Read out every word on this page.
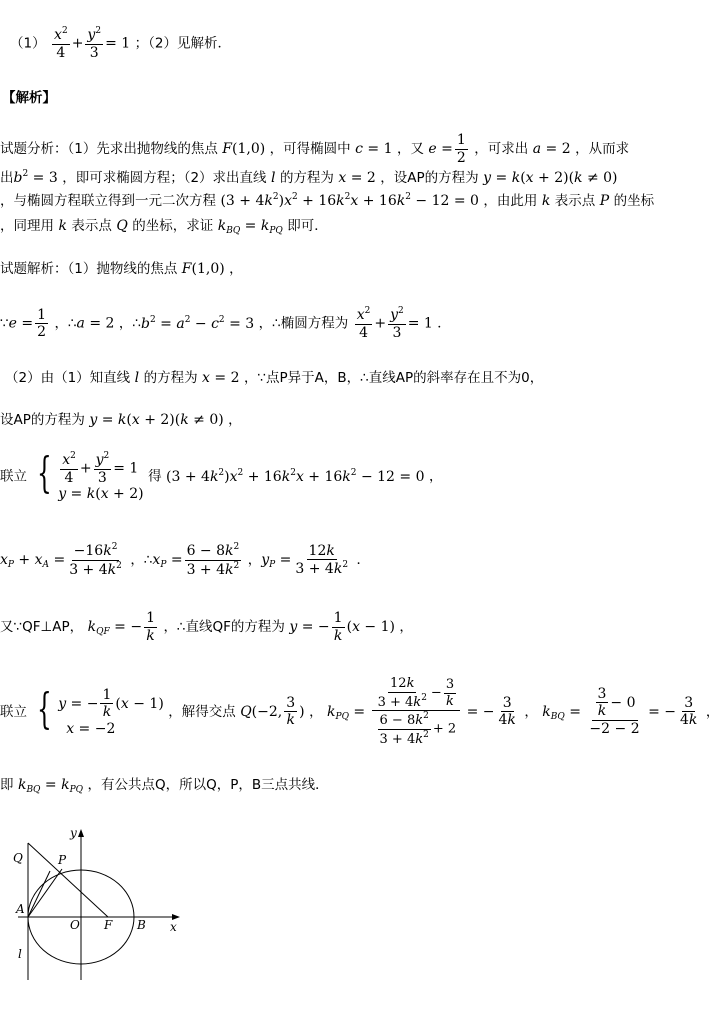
$(1) \frac{x^2}{4} + \frac{y^2}{3} = 1$ ；（2）见解析．
【解析】
试题分析：（1）先求出抛物线的焦点 F(1,0) ，可得椭圆中 c = 1 ，又 $e = \frac{1}{2}$ ，可求出 a = 2 ，从而求
出$b^2 = 3$ ，即可求椭圆方程；（2）求出直线 l 的方程为 x = 2 ，设AP的方程为 y = k(x + 2)(k ≠ 0)
，与椭圆方程联立得到一元二次方程 $(3 + 4k^2)x^2 + 16k^2x + 16k^2 - 12 = 0$ ，由此用 k 表示点 P 的坐标
，同理用 k 表示点 Q 的坐标，求证 $k_{BQ} = k_{PQ}$ 即可．
试题解析：（1）抛物线的焦点 F(1,0) ，
∵e = $\frac{1}{2}$ ，∴a = 2 ，$\therefore b^2 = a^2 - c^2 = 3$ ，∴椭圆方程为 $\frac{x^2}{4} + \frac{y^2}{3} = 1$ ．
（2）由（1）知直线 l 的方程为 x = 2 ，∵点P异于A，B，∴直线AP的斜率存在且不为0，
设AP的方程为 y = k(x + 2)(k ≠ 0) ，
联立 { $\frac{x^2}{4} + \frac{y^2}{3} = 1$
y = k(x + 2)
得 $(3 + 4k^2)x^2 + 16k^2x + 16k^2 - 12 = 0$ ，
$x_P + x_A = \frac{-16k^2}{3 + 4k^2}$ ，$\therefore x_P = \frac{6 - 8k^2}{3 + 4k^2}$ ，$y_P = \frac{12k}{3 + 4k^2}$ ．
又∵QF⊥AP， $k_{QF}$ = − $\frac{1}{k}$ ，∴直线QF的方程为 y = − $\frac{1}{k} (x - 1)$ ，
联立 { y = − $\frac{1}{k} (x - 1)$
x = −2
，解得交点 Q(−2, $\frac{3}{k}$ ) ， $k_{PQ} = \frac{\frac{12k}{3 + 4k^2} - \frac{3}{k}}{\frac{6 - 8k^2}{3 + 4k^2} + 2}$ = − $\frac{3}{4k}$ ， $k_{BQ} = \frac{\frac{3}{k} - 0}{-2 - 2}$ = − $\frac{3}{4k}$ ，
即 $k_{BQ} = k_{PQ}$ ，有公共点Q，所以Q，P，B三点共线．
y
x
Q	P
A
O F B
l
